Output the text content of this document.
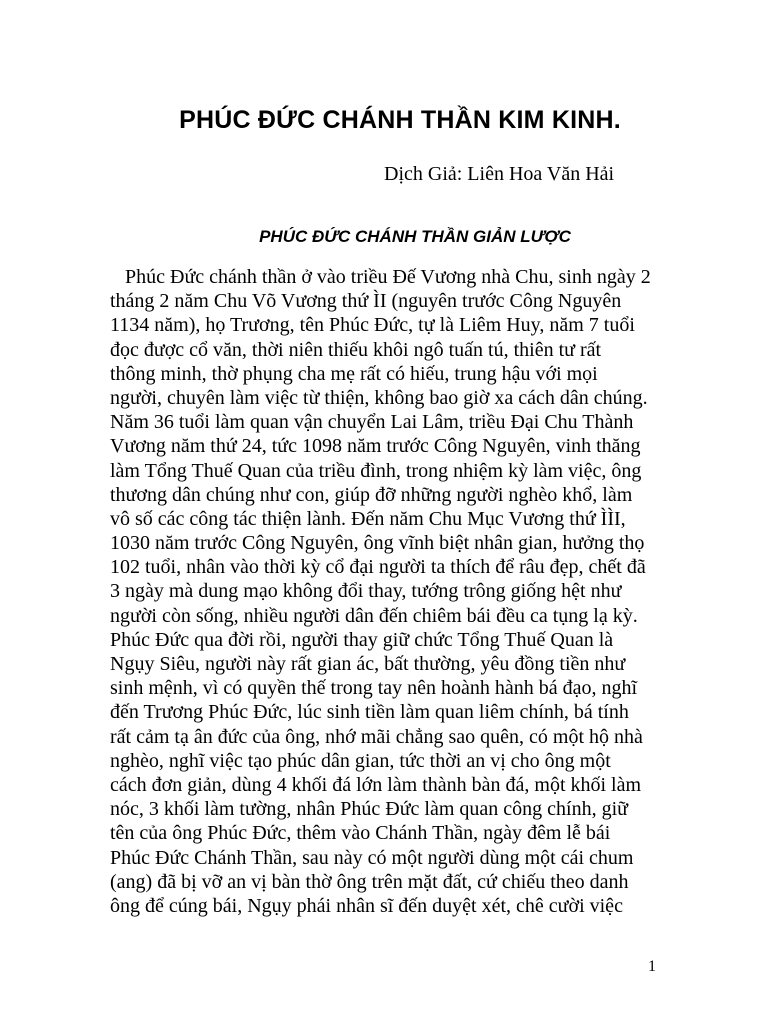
PHÚC ĐỨC CHÁNH THẦN KIM KINH.
Dịch Giả: Liên Hoa Văn Hải
PHÚC ĐỨC CHÁNH THẦN GIẢN LƯỢC
Phúc Đức chánh thần ở vào triều Đế Vương nhà Chu, sinh ngày 2
tháng 2 năm Chu Võ Vương thứ ÌI (nguyên trước Công Nguyên
1134 năm), họ Trương, tên Phúc Đức, tự là Liêm Huy, năm 7 tuổi
đọc được cổ văn, thời niên thiếu khôi ngô tuấn tú, thiên tư rất
thông minh, thờ phụng cha mẹ rất có hiếu, trung hậu với mọi
người, chuyên làm việc từ thiện, không bao giờ xa cách dân chúng.
Năm 36 tuổi làm quan vận chuyển Lai Lâm, triều Đại Chu Thành
Vương năm thứ 24, tức 1098 năm trước Công Nguyên, vinh thăng
làm Tổng Thuế Quan của triều đình, trong nhiệm kỳ làm việc, ông
thương dân chúng như con, giúp đỡ những người nghèo khổ, làm
vô số các công tác thiện lành. Đến năm Chu Mục Vương thứ ÌÌI,
1030 năm trước Công Nguyên, ông vĩnh biệt nhân gian, hưởng thọ
102 tuổi, nhân vào thời kỳ cổ đại người ta thích để râu đẹp, chết đã
3 ngày mà dung mạo không đổi thay, tướng trông giống hệt như
người còn sống, nhiều người dân đến chiêm bái đều ca tụng lạ kỳ.
Phúc Đức qua đời rồi, người thay giữ chức Tổng Thuế Quan là
Ngụy Siêu, người này rất gian ác, bất thường, yêu đồng tiền như
sinh mệnh, vì có quyền thế trong tay nên hoành hành bá đạo, nghĩ
đến Trương Phúc Đức, lúc sinh tiền làm quan liêm chính, bá tính
rất cảm tạ ân đức của ông, nhớ mãi chẳng sao quên, có một hộ nhà
nghèo, nghĩ việc tạo phúc dân gian, tức thời an vị cho ông một
cách đơn giản, dùng 4 khối đá lớn làm thành bàn đá, một khối làm
nóc, 3 khối làm tường, nhân Phúc Đức làm quan công chính, giữ
tên của ông Phúc Đức, thêm vào Chánh Thần, ngày đêm lễ bái
Phúc Đức Chánh Thần, sau này có một người dùng một cái chum
(ang) đã bị vỡ an vị bàn thờ ông trên mặt đất, cứ chiếu theo danh
ông để cúng bái, Ngụy phái nhân sĩ đến duyệt xét, chê cười việc
1
